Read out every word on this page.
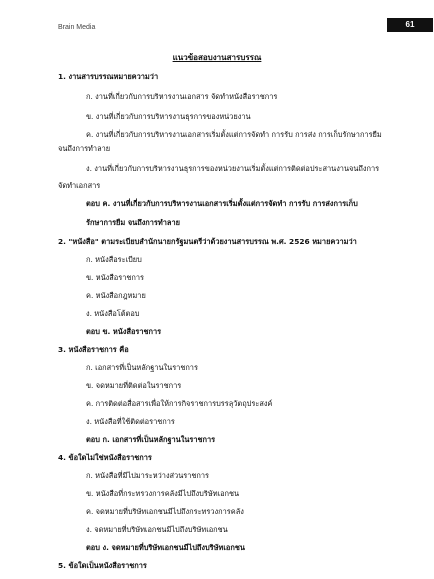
Brain Media	61
แนวข้อสอบงานสารบรรณ
1. งานสารบรรณหมายความว่า
ก. งานที่เกี่ยวกับการบริหารงานเอกสาร จัดทำหนังสือราชการ
ข. งานที่เกี่ยวกับการบริหารงานธุรการของหน่วยงาน
ค. งานที่เกี่ยวกับการบริหารงานเอกสารเริ่มตั้งแต่การจัดทำ การรับ การส่ง การเก็บรักษาการยืม
จนถึงการทำลาย
ง. งานที่เกี่ยวกับการบริหารงานธุรการของหน่วยงานเริ่มตั้งแต่การติดต่อประสานงานจนถึงการ
จัดทำเอกสาร
ตอบ ค. งานที่เกี่ยวกับการบริหารงานเอกสารเริ่มตั้งแต่การจัดทำ การรับ การส่งการเก็บ
รักษาการยืม จนถึงการทำลาย
2. "หนังสือ" ตามระเบียบสำนักนายกรัฐมนตรีว่าด้วยงานสารบรรณ พ.ศ. 2526 หมายความว่า
ก. หนังสือระเบียบ
ข. หนังสือราชการ
ค. หนังสือกฎหมาย
ง. หนังสือโต้ตอบ
ตอบ ข. หนังสือราชการ
3. หนังสือราชการ คือ
ก. เอกสารที่เป็นหลักฐานในราชการ
ข. จดหมายที่ติดต่อในราชการ
ค. การติดต่อสื่อสารเพื่อให้การกิจราชการบรรลุวัตถุประสงค์
ง. หนังสือที่ใช้ติดต่อราชการ
ตอบ ก. เอกสารที่เป็นหลักฐานในราชการ
4. ข้อใดไม่ใช่หนังสือราชการ
ก. หนังสือที่มีไปมาระหว่างส่วนราชการ
ข. หนังสือที่กระทรวงการคลังมีไปถึงบริษัทเอกชน
ค. จดหมายที่บริษัทเอกชนมีไปถึงกระทรวงการคลัง
ง. จดหมายที่บริษัทเอกชนมีไปถึงบริษัทเอกชน
ตอบ ง. จดหมายที่บริษัทเอกชนมีไปถึงบริษัทเอกชน
5. ข้อใดเป็นหนังสือราชการ
